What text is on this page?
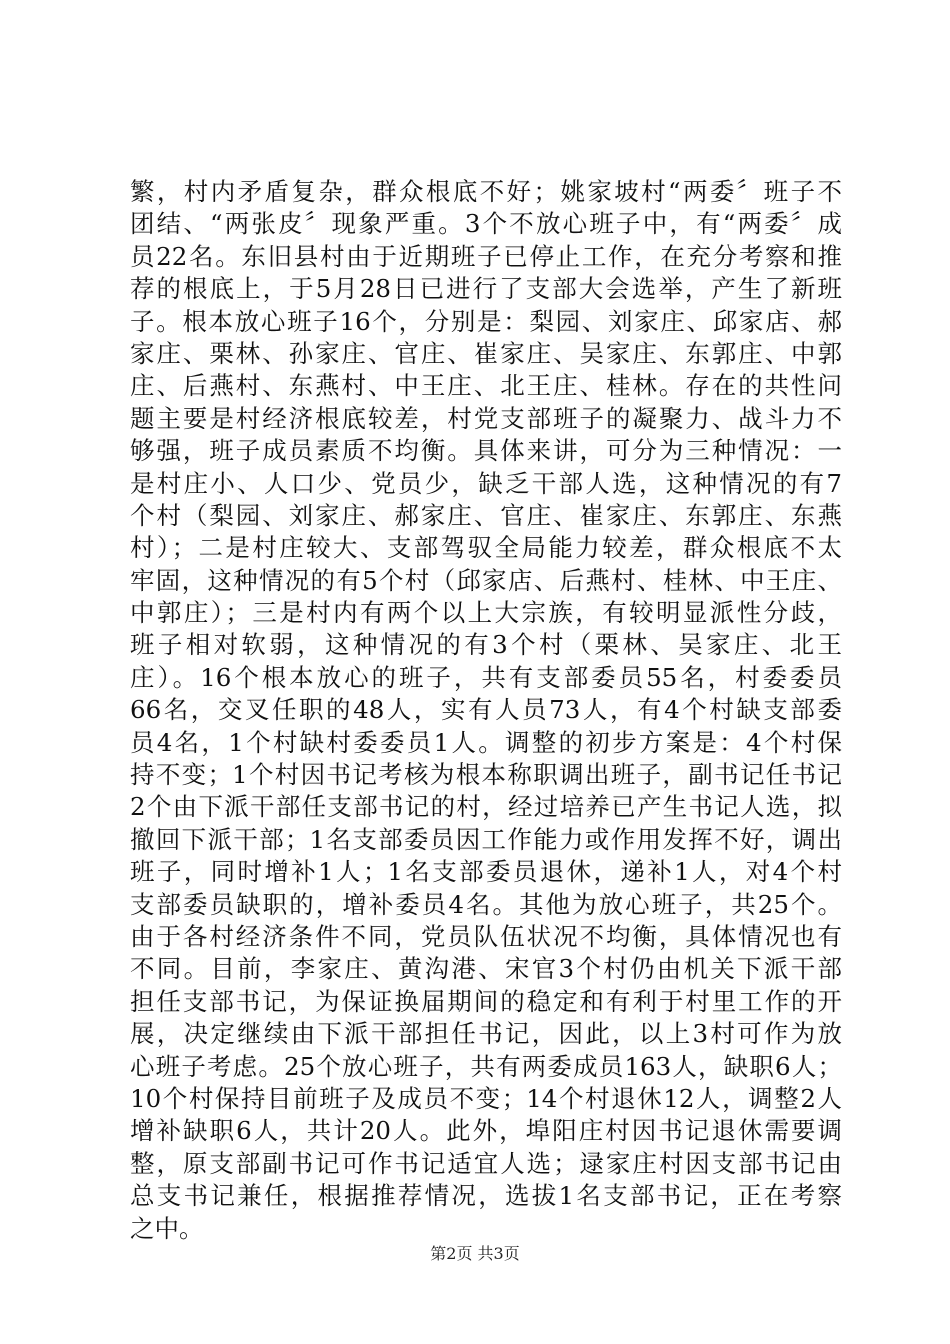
繁，村内矛盾复杂，群众根底不好；姚家坡村“两委〞班子不
团结、“两张皮〞现象严重。3个不放心班子中，有“两委〞成
员22名。东旧县村由于近期班子已停止工作，在充分考察和推
荐的根底上，于5月28日已进行了支部大会选举，产生了新班
子。根本放心班子16个，分别是：梨园、刘家庄、邱家店、郝
家庄、栗林、孙家庄、官庄、崔家庄、吴家庄、东郭庄、中郭
庄、后燕村、东燕村、中王庄、北王庄、桂林。存在的共性问
题主要是村经济根底较差，村党支部班子的凝聚力、战斗力不
够强，班子成员素质不均衡。具体来讲，可分为三种情况：一
是村庄小、人口少、党员少，缺乏干部人选，这种情况的有7
个村（梨园、刘家庄、郝家庄、官庄、崔家庄、东郭庄、东燕
村）；二是村庄较大、支部驾驭全局能力较差，群众根底不太
牢固，这种情况的有5个村（邱家店、后燕村、桂林、中王庄、
中郭庄）；三是村内有两个以上大宗族，有较明显派性分歧，
班子相对软弱，这种情况的有3个村（栗林、吴家庄、北王
庄）。16个根本放心的班子，共有支部委员55名，村委委员
66名，交叉任职的48人，实有人员73人，有4个村缺支部委
员4名，1个村缺村委委员1人。调整的初步方案是：4个村保
持不变；1个村因书记考核为根本称职调出班子，副书记任书记
2个由下派干部任支部书记的村，经过培养已产生书记人选，拟
撤回下派干部；1名支部委员因工作能力或作用发挥不好，调出
班子，同时增补1人；1名支部委员退休，递补1人，对4个村
支部委员缺职的，增补委员4名。其他为放心班子，共25个。
由于各村经济条件不同，党员队伍状况不均衡，具体情况也有
不同。目前，李家庄、黄沟港、宋官3个村仍由机关下派干部
担任支部书记，为保证换届期间的稳定和有利于村里工作的开
展，决定继续由下派干部担任书记，因此，以上3村可作为放
心班子考虑。25个放心班子，共有两委成员163人，缺职6人；
10个村保持目前班子及成员不变；14个村退休12人，调整2人
增补缺职6人，共计20人。此外，埠阳庄村因书记退休需要调
整，原支部副书记可作书记适宜人选；逯家庄村因支部书记由
总支书记兼任，根据推荐情况，选拔1名支部书记，正在考察
之中。
第2页 共3页
